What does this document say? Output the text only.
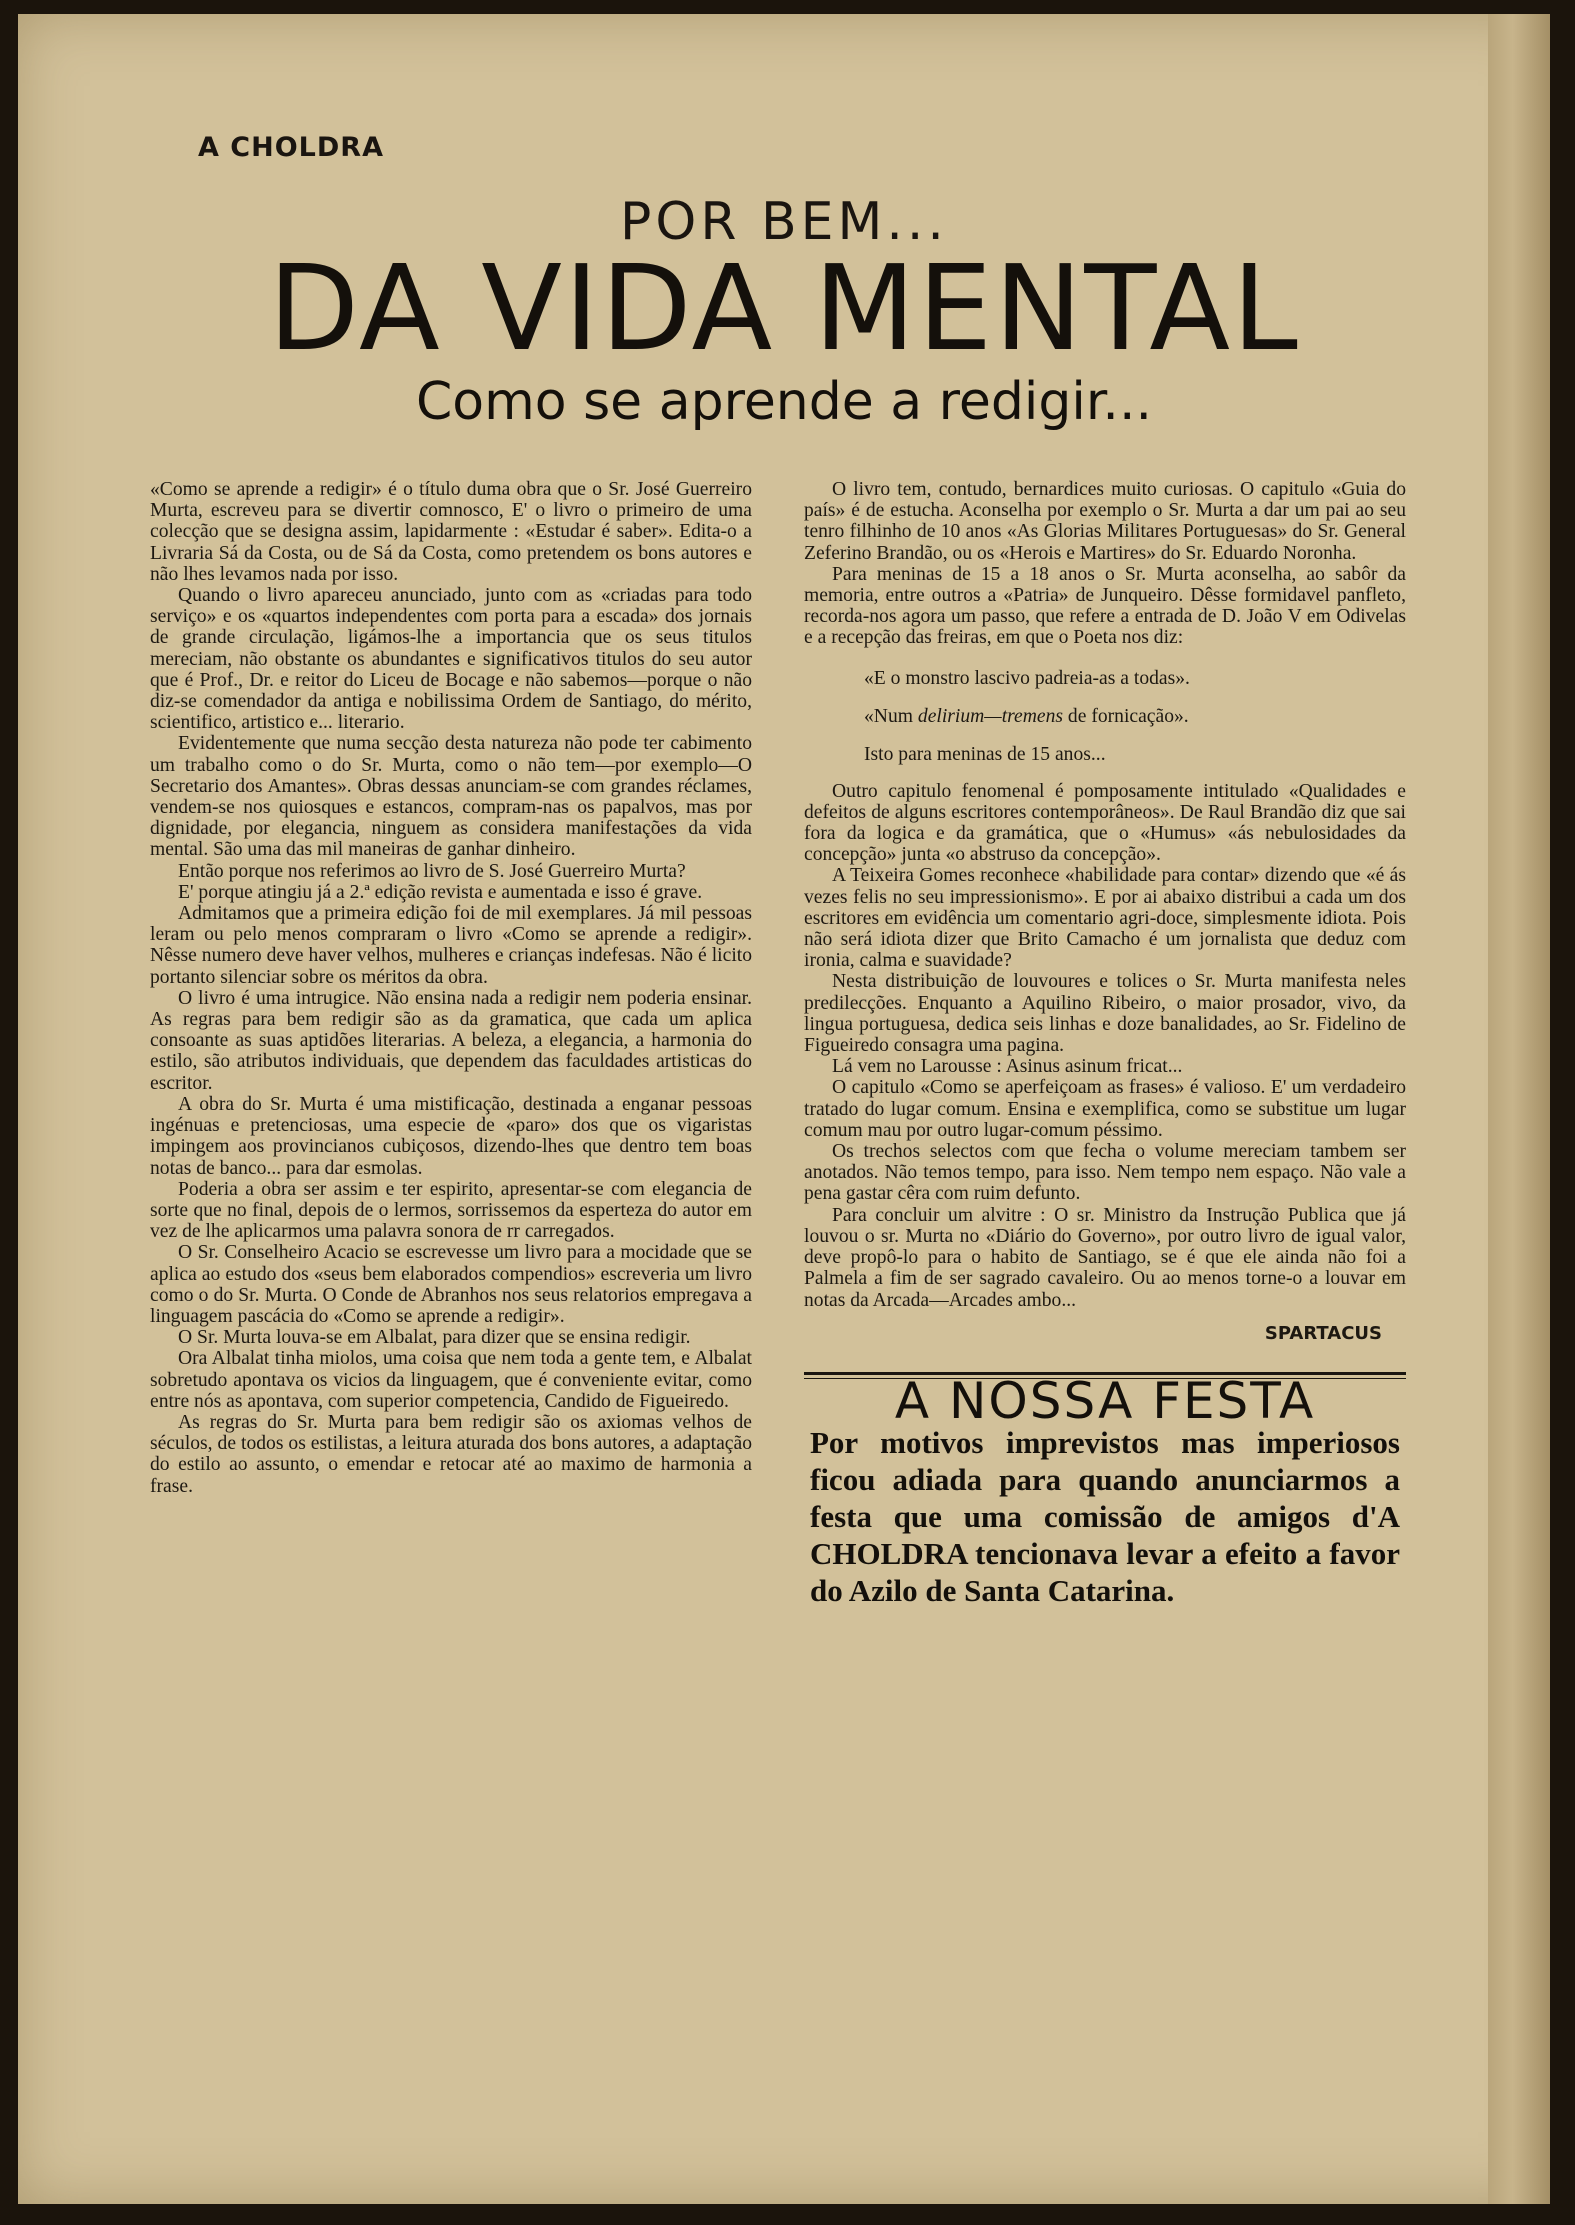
A CHOLDRA
POR BEM...
DA VIDA MENTAL
Como se aprende a redigir...

«Como se aprende a redigir» é o título duma obra que o Sr. José Guerreiro Murta, escreveu para se divertir comnosco, E' o livro o primeiro de uma colecção que se designa assim, lapidarmente : «Estudar é saber». Edita-o a Livraria Sá da Costa, ou de Sá da Costa, como pretendem os bons autores e não lhes levamos nada por isso.

Quando o livro apareceu anunciado, junto com as «criadas para todo serviço» e os «quartos independentes com porta para a escada» dos jornais de grande circulação, ligámos-lhe a importancia que os seus titulos mereciam, não obstante os abundantes e significativos titulos do seu autor que é Prof., Dr. e reitor do Liceu de Bocage e não sabemos—porque o não diz-se comendador da antiga e nobilissima Ordem de Santiago, do mérito, scientifico, artistico e... literario.

Evidentemente que numa secção desta natureza não pode ter cabimento um trabalho como o do Sr. Murta, como o não tem—por exemplo—O Secretario dos Amantes». Obras dessas anunciam-se com grandes réclames, vendem-se nos quiosques e estancos, compram-nas os papalvos, mas por dignidade, por elegancia, ninguem as considera manifestações da vida mental. São uma das mil maneiras de ganhar dinheiro.

Então porque nos referimos ao livro de S. José Guerreiro Murta?

E' porque atingiu já a 2.ª edição revista e aumentada e isso é grave.

Admitamos que a primeira edição foi de mil exemplares. Já mil pessoas leram ou pelo menos compraram o livro «Como se aprende a redigir». Nêsse numero deve haver velhos, mulheres e crianças indefesas. Não é licito portanto silenciar sobre os méritos da obra.

O livro é uma intrugice. Não ensina nada a redigir nem poderia ensinar. As regras para bem redigir são as da gramatica, que cada um aplica consoante as suas aptidões literarias. A beleza, a elegancia, a harmonia do estilo, são atributos individuais, que dependem das faculdades artisticas do escritor.

A obra do Sr. Murta é uma mistificação, destinada a enganar pessoas ingénuas e pretenciosas, uma especie de «paro» dos que os vigaristas impingem aos provincianos cubiçosos, dizendo-lhes que dentro tem boas notas de banco... para dar esmolas.

Poderia a obra ser assim e ter espirito, apresentar-se com elegancia de sorte que no final, depois de o lermos, sorrissemos da esperteza do autor em vez de lhe aplicarmos uma palavra sonora de rr carregados.

O Sr. Conselheiro Acacio se escrevesse um livro para a mocidade que se aplica ao estudo dos «seus bem elaborados compendios» escreveria um livro como o do Sr. Murta. O Conde de Abranhos nos seus relatorios empregava a linguagem pascácia do «Como se aprende a redigir».

O Sr. Murta louva-se em Albalat, para dizer que se ensina redigir.

Ora Albalat tinha miolos, uma coisa que nem toda a gente tem, e Albalat sobretudo apontava os vicios da linguagem, que é conveniente evitar, como entre nós as apontava, com superior competencia, Candido de Figueiredo.

As regras do Sr. Murta para bem redigir são os axiomas velhos de séculos, de todos os estilistas, a leitura aturada dos bons autores, a adaptação do estilo ao assunto, o emendar e retocar até ao maximo de harmonia a frase.

O livro tem, contudo, bernardices muito curiosas. O capitulo «Guia do país» é de estucha. Aconselha por exemplo o Sr. Murta a dar um pai ao seu tenro filhinho de 10 anos «As Glorias Militares Portuguesas» do Sr. General Zeferino Brandão, ou os «Herois e Martires» do Sr. Eduardo Noronha.

Para meninas de 15 a 18 anos o Sr. Murta aconselha, ao sabôr da memoria, entre outros a «Patria» de Junqueiro. Dêsse formidavel panfleto, recorda-nos agora um passo, que refere a entrada de D. João V em Odivelas e a recepção das freiras, em que o Poeta nos diz:

«E o monstro lascivo padreia-as a todas».
«Num delirium—tremens de fornicação».
Isto para meninas de 15 anos...

Outro capitulo fenomenal é pomposamente intitulado «Qualidades e defeitos de alguns escritores contemporâneos». De Raul Brandão diz que sai fora da logica e da gramática, que o «Humus» «ás nebulosidades da concepção» junta «o abstruso da concepção».

A Teixeira Gomes reconhece «habilidade para contar» dizendo que «é ás vezes felis no seu impressionismo». E por ai abaixo distribui a cada um dos escritores em evidência um comentario agri-doce, simplesmente idiota. Pois não será idiota dizer que Brito Camacho é um jornalista que deduz com ironia, calma e suavidade?

Nesta distribuição de louvoures e tolices o Sr. Murta manifesta neles predilecções. Enquanto a Aquilino Ribeiro, o maior prosador, vivo, da lingua portuguesa, dedica seis linhas e doze banalidades, ao Sr. Fidelino de Figueiredo consagra uma pagina.

Lá vem no Larousse : Asinus asinum fricat...

O capitulo «Como se aperfeiçoam as frases» é valioso. E' um verdadeiro tratado do lugar comum. Ensina e exemplifica, como se substitue um lugar comum mau por outro lugar-comum péssimo.

Os trechos selectos com que fecha o volume mereciam tambem ser anotados. Não temos tempo, para isso. Nem tempo nem espaço. Não vale a pena gastar cêra com ruim defunto.

Para concluir um alvitre : O sr. Ministro da Instrução Publica que já louvou o sr. Murta no «Diário do Governo», por outro livro de igual valor, deve propô-lo para o habito de Santiago, se é que ele ainda não foi a Palmela a fim de ser sagrado cavaleiro. Ou ao menos torne-o a louvar em notas da Arcada—Arcades ambo...

SPARTACUS
A NOSSA FESTA
Por motivos imprevistos mas imperiosos ficou adiada para quando anunciarmos a festa que uma comissão de amigos d'A CHOLDRA tencionava levar a efeito a favor do Azilo de Santa Catarina.
